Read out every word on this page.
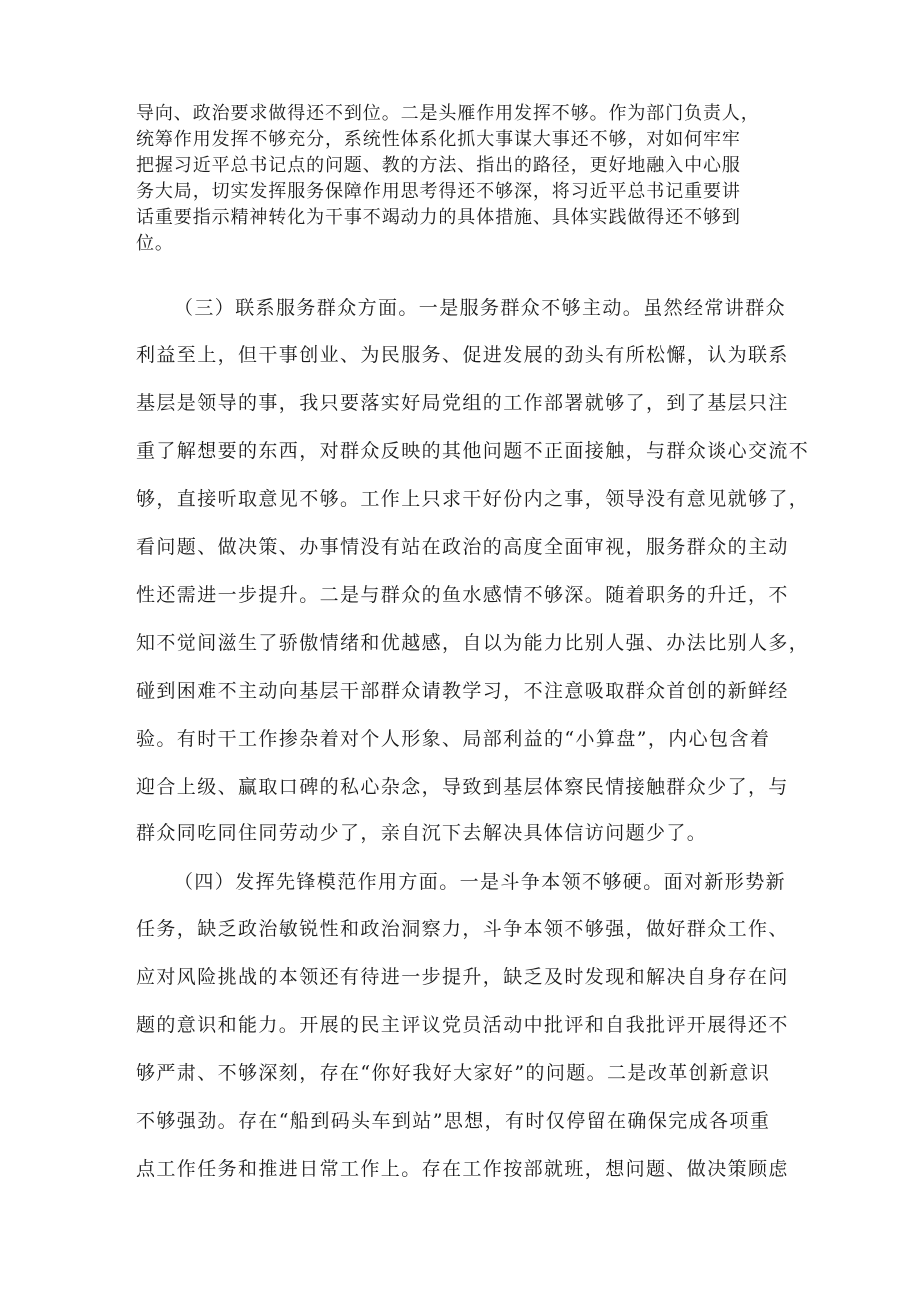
导向、政治要求做得还不到位。二是头雁作用发挥不够。作为部门负责人，
统筹作用发挥不够充分，系统性体系化抓大事谋大事还不够，对如何牢牢
把握习近平总书记点的问题、教的方法、指出的路径，更好地融入中心服
务大局，切实发挥服务保障作用思考得还不够深，将习近平总书记重要讲
话重要指示精神转化为干事不竭动力的具体措施、具体实践做得还不够到
位。
（三）联系服务群众方面。一是服务群众不够主动。虽然经常讲群众
利益至上，但干事创业、为民服务、促进发展的劲头有所松懈，认为联系
基层是领导的事，我只要落实好局党组的工作部署就够了，到了基层只注
重了解想要的东西，对群众反映的其他问题不正面接触，与群众谈心交流不
够，直接听取意见不够。工作上只求干好份内之事，领导没有意见就够了，
看问题、做决策、办事情没有站在政治的高度全面审视，服务群众的主动
性还需进一步提升。二是与群众的鱼水感情不够深。随着职务的升迁，不
知不觉间滋生了骄傲情绪和优越感，自以为能力比别人强、办法比别人多，
碰到困难不主动向基层干部群众请教学习，不注意吸取群众首创的新鲜经
验。有时干工作掺杂着对个人形象、局部利益的“小算盘”，内心包含着
迎合上级、赢取口碑的私心杂念，导致到基层体察民情接触群众少了，与
群众同吃同住同劳动少了，亲自沉下去解决具体信访问题少了。
（四）发挥先锋模范作用方面。一是斗争本领不够硬。面对新形势新
任务，缺乏政治敏锐性和政治洞察力，斗争本领不够强，做好群众工作、
应对风险挑战的本领还有待进一步提升，缺乏及时发现和解决自身存在问
题的意识和能力。开展的民主评议党员活动中批评和自我批评开展得还不
够严肃、不够深刻，存在“你好我好大家好”的问题。二是改革创新意识
不够强劲。存在“船到码头车到站”思想，有时仅停留在确保完成各项重
点工作任务和推进日常工作上。存在工作按部就班，想问题、做决策顾虑
